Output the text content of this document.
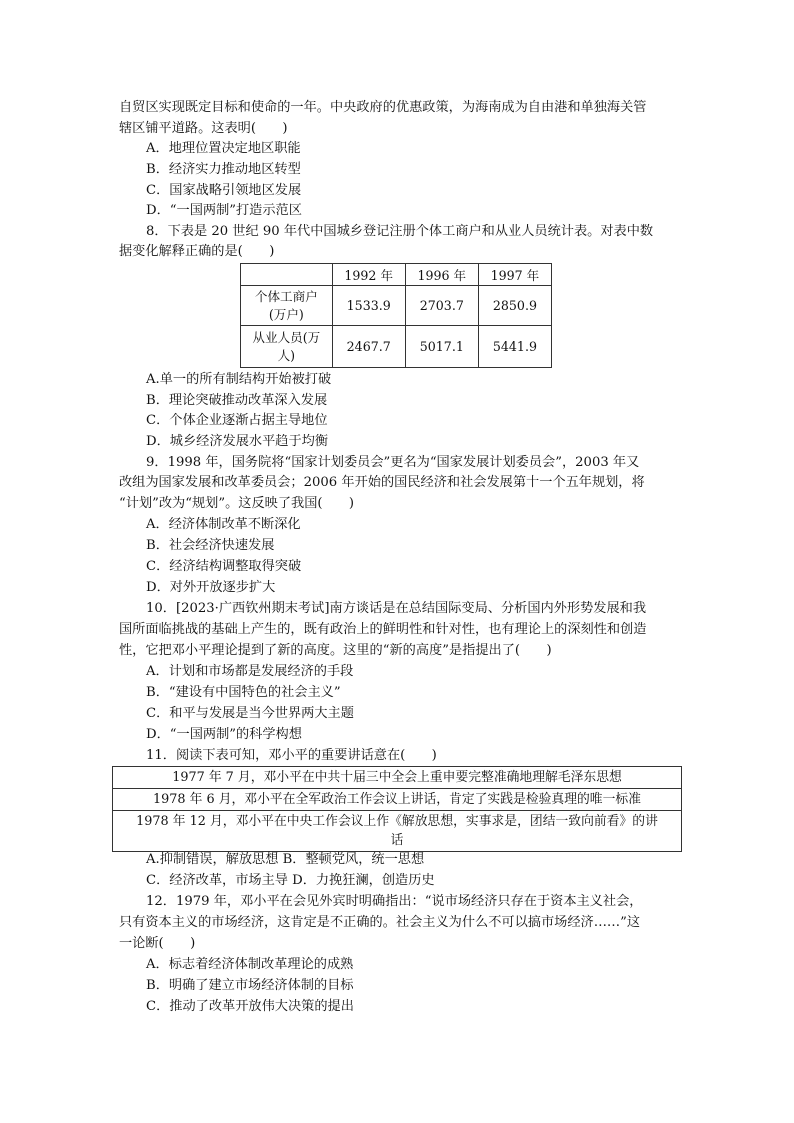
自贸区实现既定目标和使命的一年。中央政府的优惠政策，为海南成为自由港和单独海关管
辖区铺平道路。这表明(　　)
A．地理位置决定地区职能
B．经济实力推动地区转型
C．国家战略引领地区发展
D．“一国两制”打造示范区
8．下表是 20 世纪 90 年代中国城乡登记注册个体工商户和从业人员统计表。对表中数
据变化解释正确的是(　　)
	1992 年	1996 年	1997 年

个体工商户
(万户)	1533.9	2703.7	2850.9

从业人员(万
人)	2467.7	5017.1	5441.9
A.单一的所有制结构开始被打破
B．理论突破推动改革深入发展
C．个体企业逐渐占据主导地位
D．城乡经济发展水平趋于均衡
9．1998 年，国务院将“国家计划委员会”更名为“国家发展计划委员会”，2003 年又
改组为国家发展和改革委员会；2006 年开始的国民经济和社会发展第十一个五年规划，将
“计划”改为“规划”。这反映了我国(　　)
A．经济体制改革不断深化
B．社会经济快速发展
C．经济结构调整取得突破
D．对外开放逐步扩大
10．[2023·广西钦州期末考试]南方谈话是在总结国际变局、分析国内外形势发展和我
国所面临挑战的基础上产生的，既有政治上的鲜明性和针对性，也有理论上的深刻性和创造
性，它把邓小平理论提到了新的高度。这里的“新的高度”是指提出了(　　)
A．计划和市场都是发展经济的手段
B．“建设有中国特色的社会主义”
C．和平与发展是当今世界两大主题
D．“一国两制”的科学构想
11．阅读下表可知，邓小平的重要讲话意在(　　)
1977 年 7 月，邓小平在中共十届三中全会上重申要完整准确地理解毛泽东思想
1978 年 6 月，邓小平在全军政治工作会议上讲话，肯定了实践是检验真理的唯一标准

1978 年 12 月，邓小平在中央工作会议上作《解放思想，实事求是，团结一致向前看》的讲
话
A.抑制错误，解放思想 B．整顿党风，统一思想
C．经济改革，市场主导 D．力挽狂澜，创造历史
12．1979 年，邓小平在会见外宾时明确指出：“说市场经济只存在于资本主义社会，
只有资本主义的市场经济，这肯定是不正确的。社会主义为什么不可以搞市场经济……”这
一论断(　　)
A．标志着经济体制改革理论的成熟
B．明确了建立市场经济体制的目标
C．推动了改革开放伟大决策的提出
